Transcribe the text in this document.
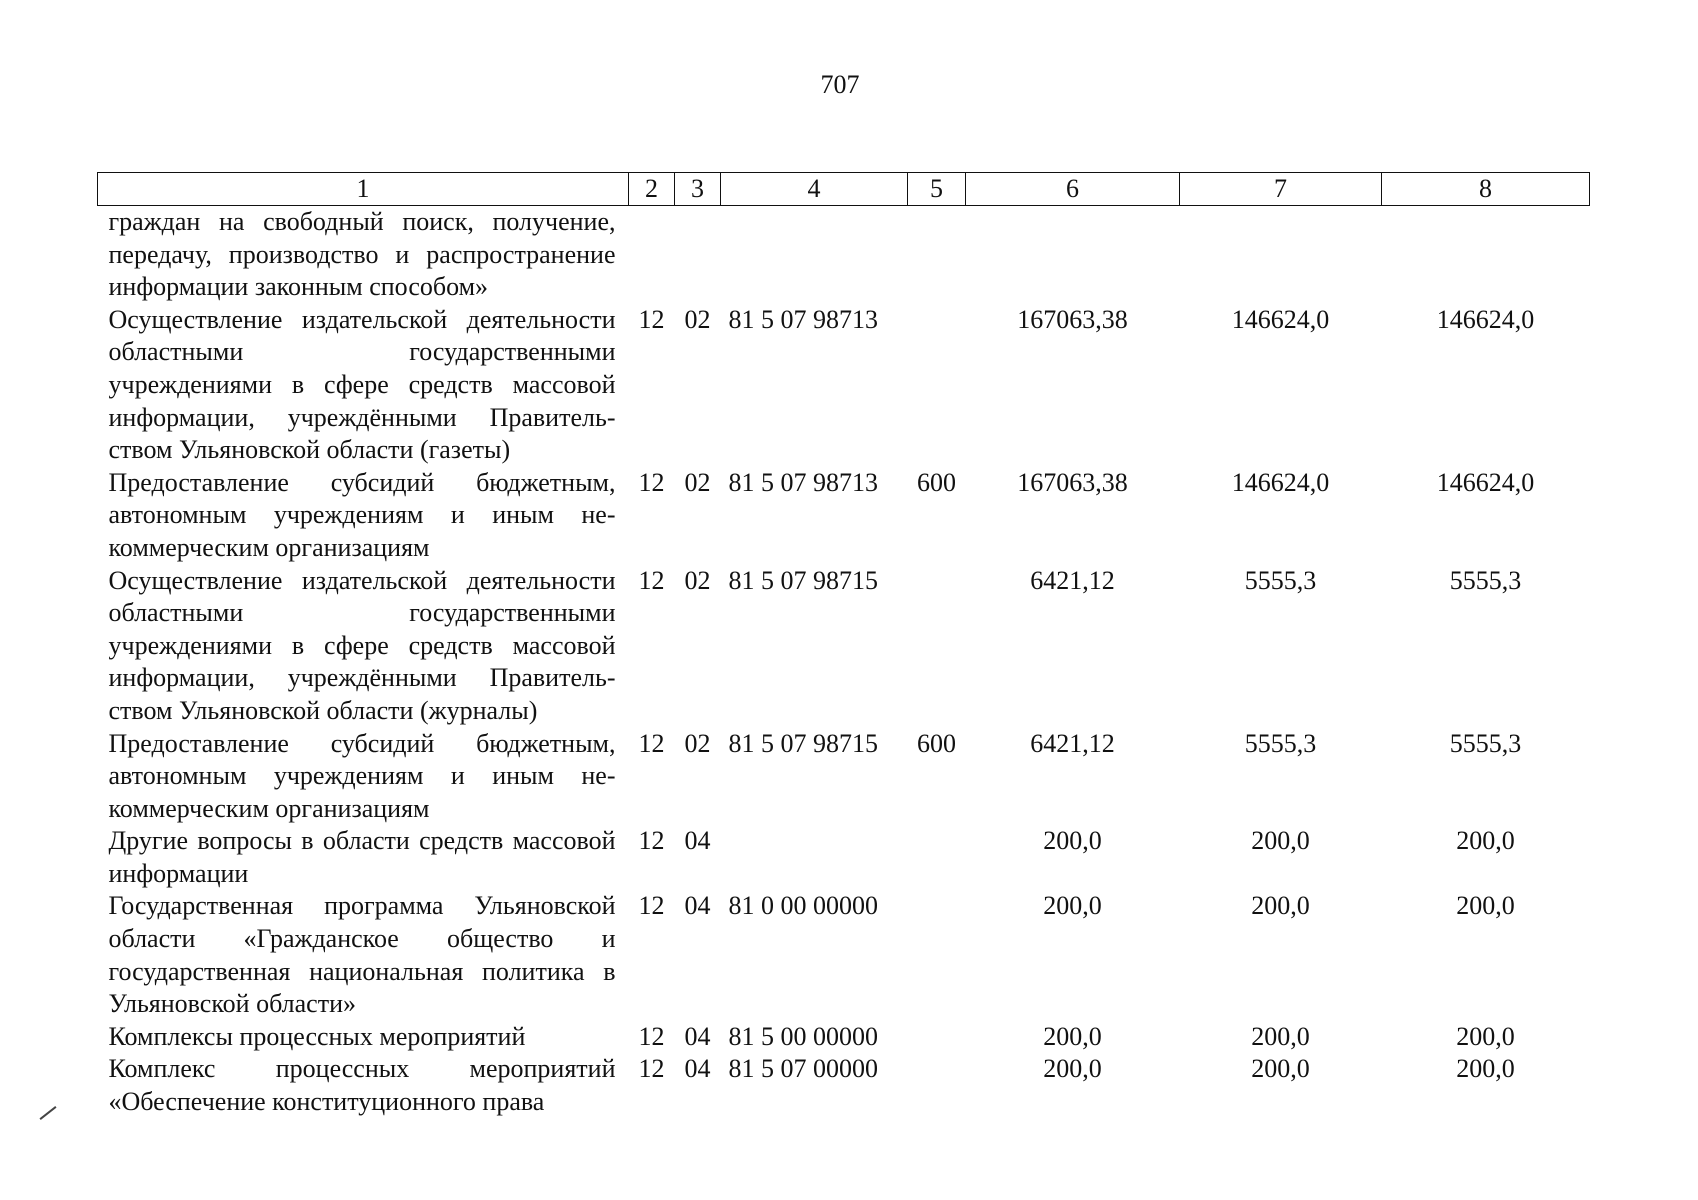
707
1	2	3	4	5	6	7	8
граждан на свободный поиск, получение, передачу, производство и распространение информации законным способом»							
Осуществление издательской деятельности областными государственными учреждениями в сфере средств массовой информации, учреждёнными Правительством Ульяновской области (газеты)	12	02	81 5 07 98713		167063,38	146624,0	146624,0
Предоставление субсидий бюджетным, автономным учреждениям и иным некоммерческим организациям	12	02	81 5 07 98713	600	167063,38	146624,0	146624,0
Осуществление издательской деятельности областными государственными учреждениями в сфере средств массовой информации, учреждёнными Правительством Ульяновской области (журналы)	12	02	81 5 07 98715		6421,12	5555,3	5555,3
Предоставление субсидий бюджетным, автономным учреждениям и иным некоммерческим организациям	12	02	81 5 07 98715	600	6421,12	5555,3	5555,3
Другие вопросы в области средств массовой информации	12	04			200,0	200,0	200,0
Государственная программа Ульяновской области «Гражданское общество и государственная национальная политика в Ульяновской области»	12	04	81 0 00 00000		200,0	200,0	200,0
Комплексы процессных мероприятий	12	04	81 5 00 00000		200,0	200,0	200,0
Комплекс процессных мероприятий «Обеспечение конституционного права	12	04	81 5 07 00000		200,0	200,0	200,0
